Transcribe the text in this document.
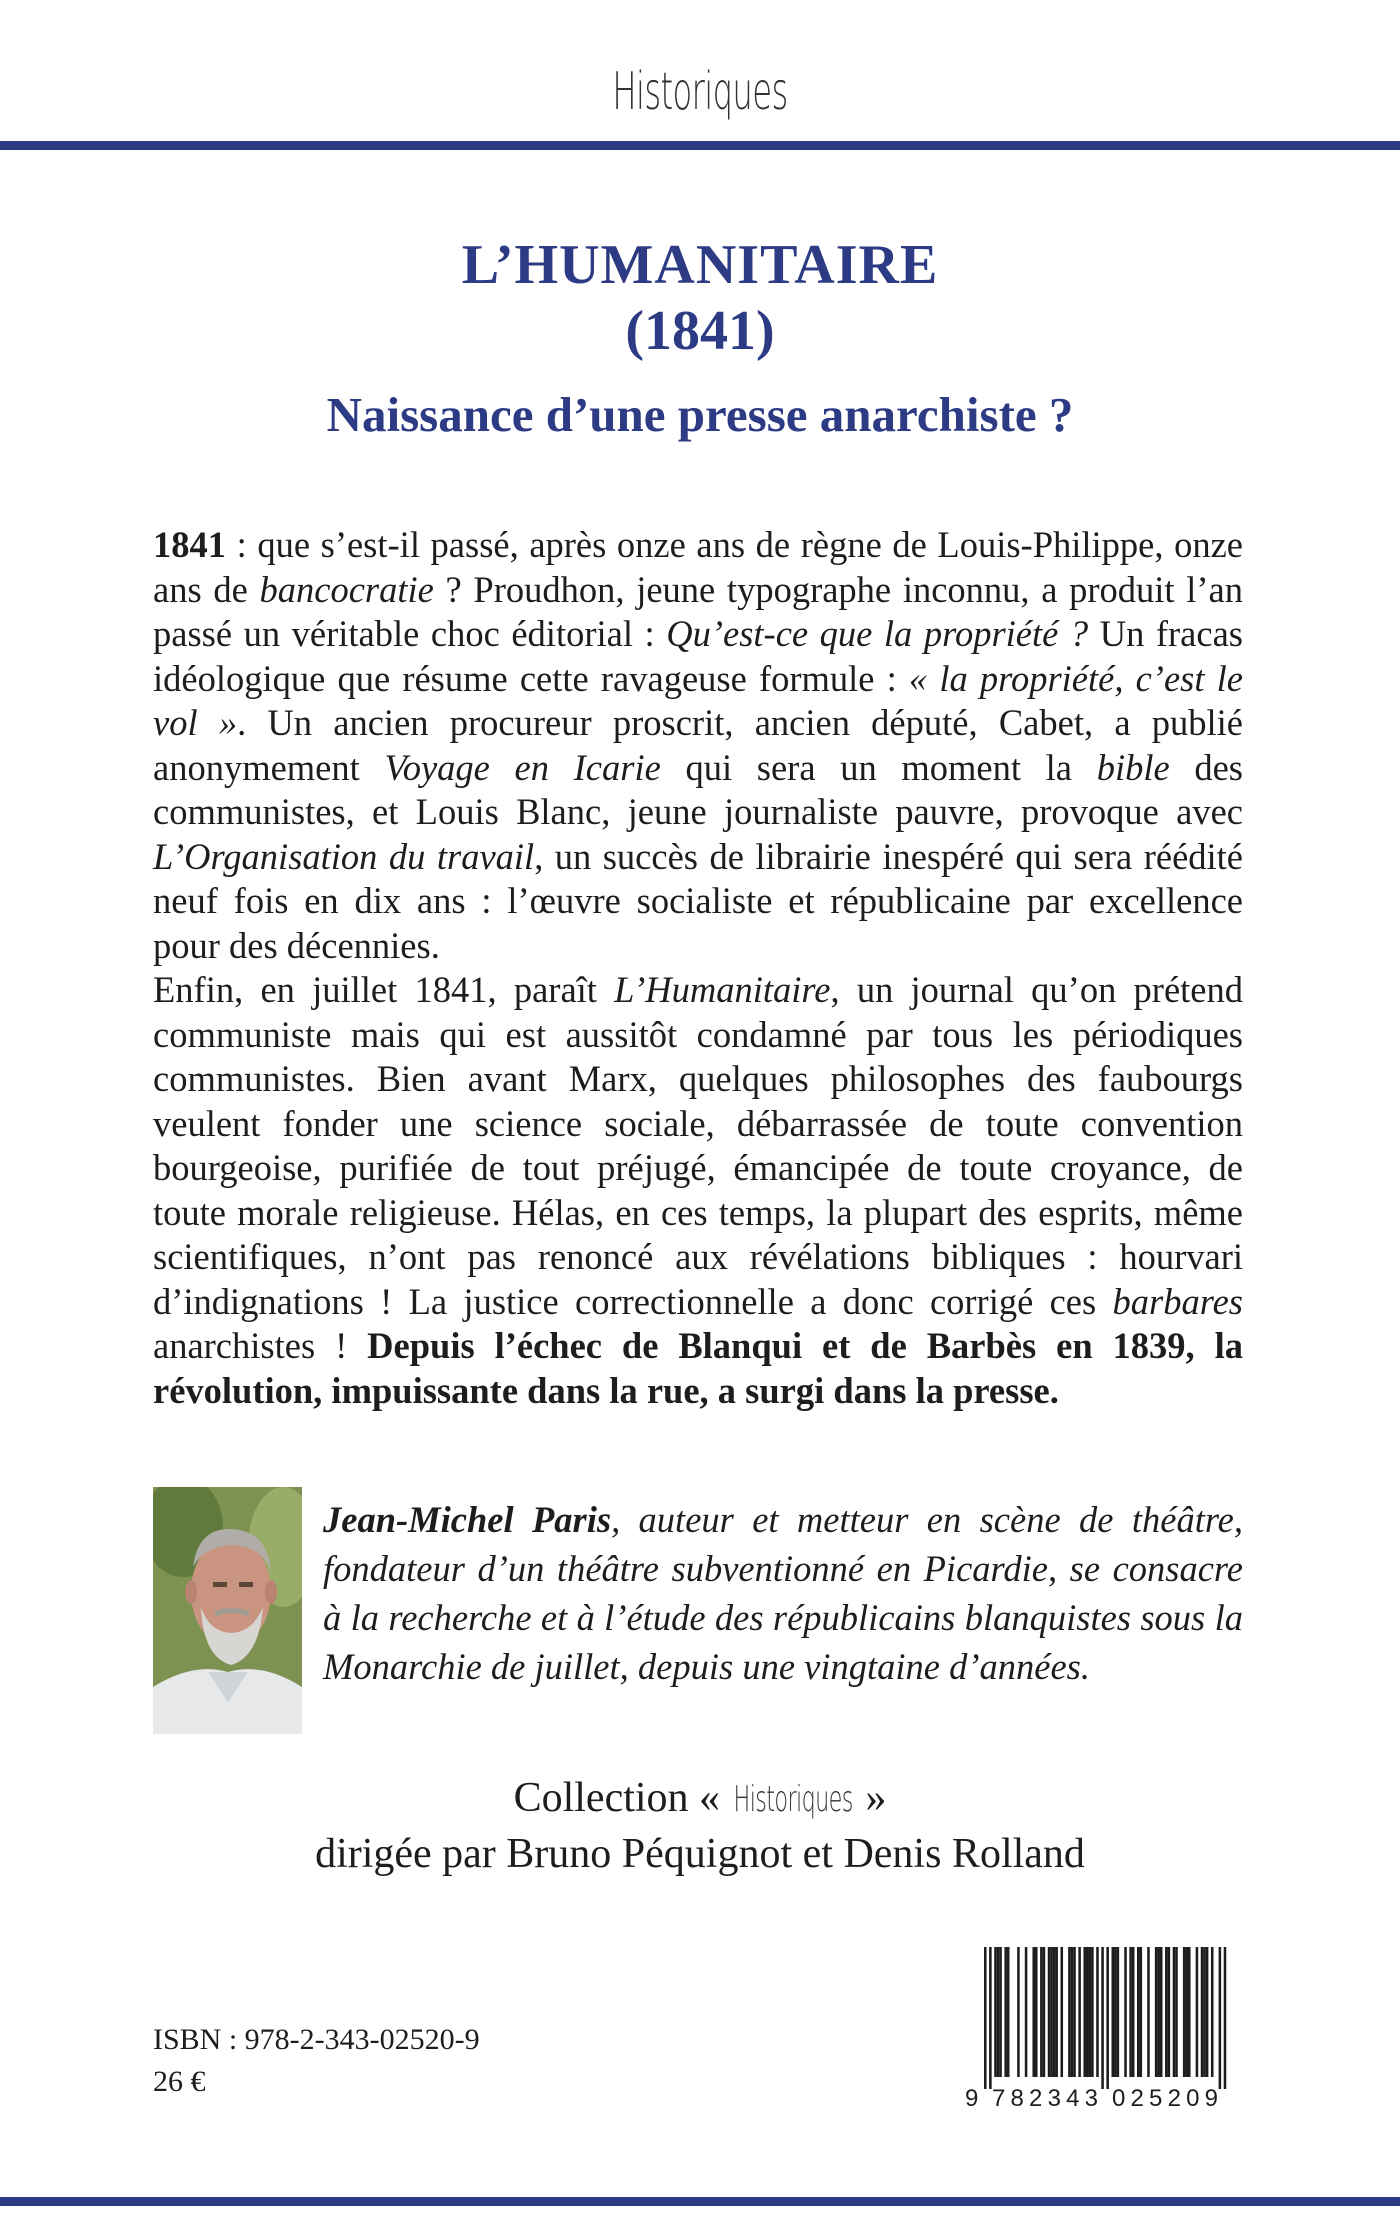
Historiques
L’HUMANITAIRE
(1841)
Naissance d’une presse anarchiste ?

1841 : que s’est-il passé, après onze ans de règne de Louis-Philippe, onze ans de bancocratie ? Proudhon, jeune typographe inconnu, a produit l’an passé un véritable choc éditorial : Qu’est-ce que la propriété ? Un fracas idéologique que résume cette ravageuse formule : « la propriété, c’est le vol ». Un ancien procureur proscrit, ancien député, Cabet, a publié anonymement Voyage en Icarie qui sera un moment la bible des communistes, et Louis Blanc, jeune journaliste pauvre, provoque avec L’Organisation du travail, un succès de librairie inespéré qui sera réédité neuf fois en dix ans : l’œuvre socialiste et républicaine par excellence pour des décennies.

Enfin, en juillet 1841, paraît L’Humanitaire, un journal qu’on prétend communiste mais qui est aussitôt condamné par tous les périodiques communistes. Bien avant Marx, quelques philosophes des faubourgs veulent fonder une science sociale, débarrassée de toute convention bourgeoise, purifiée de tout préjugé, émancipée de toute croyance, de toute morale religieuse. Hélas, en ces temps, la plupart des esprits, même scientifiques, n’ont pas renoncé aux révélations bibliques : hourvari d’indignations ! La justice correctionnelle a donc corrigé ces barbares anarchistes ! Depuis l’échec de Blanqui et de Barbès en 1839, la révolution, impuissante dans la rue, a surgi dans la presse.

Jean-Michel Paris, auteur et metteur en scène de théâtre, fondateur d’un théâtre subventionné en Picardie, se consacre à la recherche et à l’étude des républicains blanquistes sous la Monarchie de juillet, depuis une vingtaine d’années.
Collection « Historiques »
dirigée par Bruno Péquignot et Denis Rolland
ISBN : 978-2-343-02520-9
26 €
9 782343 025209
